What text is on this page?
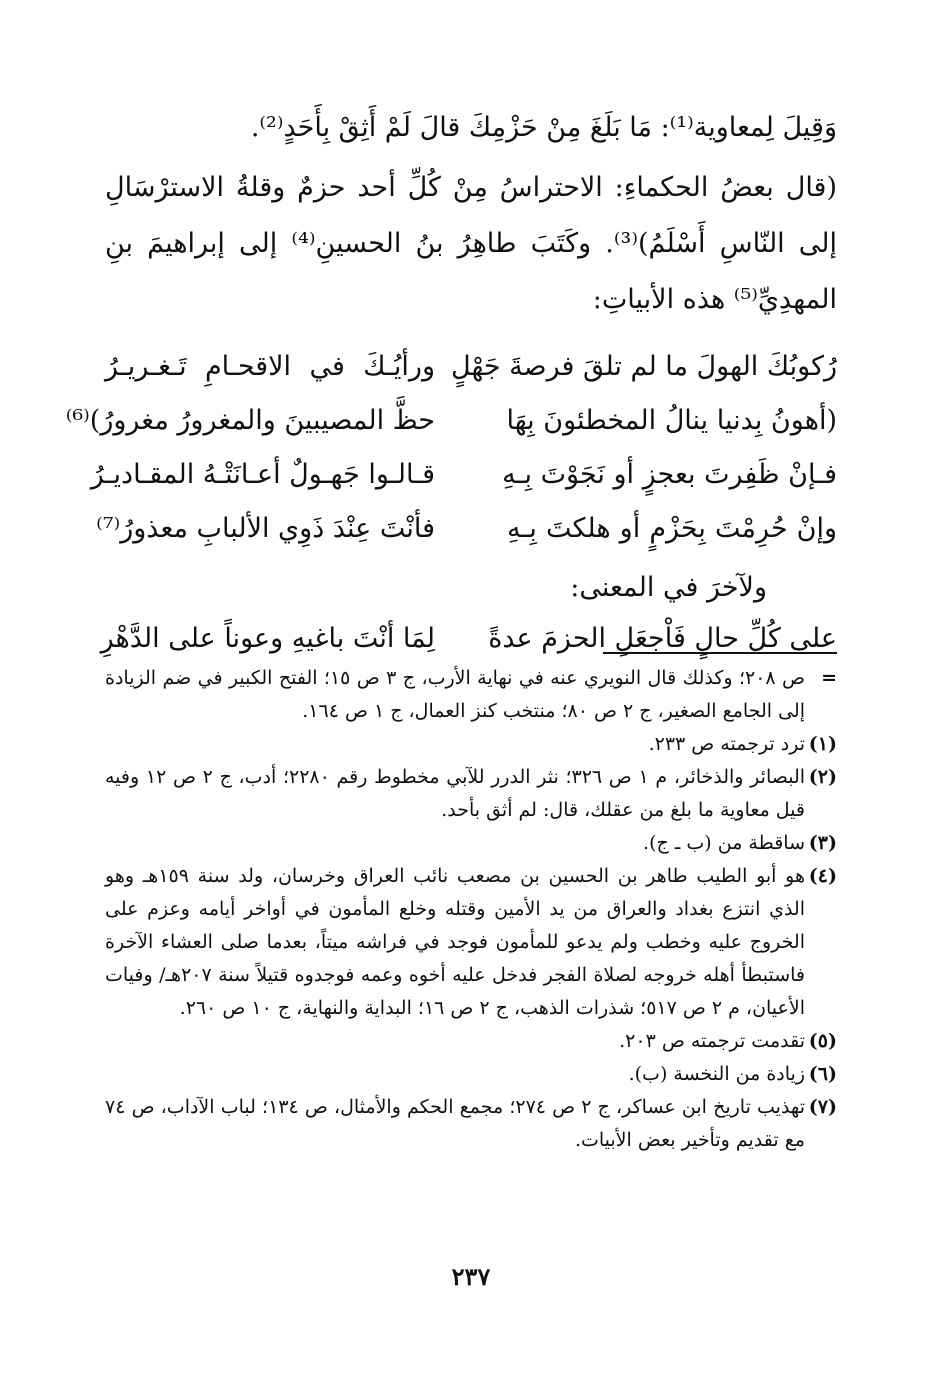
وَقِيلَ لِمعاوية⁽¹⁾: مَا بَلَغَ مِنْ حَزْمِكَ قالَ لَمْ أَثِقْ بِأَحَدٍ⁽²⁾.

(قال بعضُ الحكماءِ: الاحتراسُ مِنْ كُلِّ أحد حزمٌ وقلةُ الاسترْسَالِ إلى النّاسِ أَسْلَمُ)⁽³⁾. وكَتَبَ طاهِرُ بنُ الحسينِ⁽⁴⁾ إلى إبراهيمَ بنِ المهدِيِّ⁽⁵⁾ هذه الأبياتِ:

رُكوبُكَ الهولَ ما لم تلقَ فرصةَ جَهْلٍ
ورأيُـكَ في الاقحـامِ تَـغـريـرُ
(أهونُ بِدنيا ينالُ المخطئونَ بِهَا
حظَّ المصيبينَ والمغرورُ مغرورُ)⁽⁶⁾
فـإنْ ظَفِرتَ بعجزٍ أو نَجَوْتَ بِـهِ
قـالـوا جَهـولٌ أعـانَتْـهُ المقـاديـرُ
وإنْ حُرِمْتَ بِحَزْمٍ أو هلكتَ بِـهِ
فأنْتَ عِنْدَ ذَوِي الألبابِ معذورُ⁽⁷⁾
ولآخرَ في المعنى:
على كُلِّ حالٍ فَاْجعَلِ الحزمَ عدةً
لِمَا أنْتَ باغيهِ وعوناً على الدَّهْرِ
=
ص ٢٠٨؛ وكذلك قال النويري عنه في نهاية الأرب، ج ٣ ص ١٥؛ الفتح الكبير في ضم الزيادة إلى الجامع الصغير، ج ٢ ص ٨٠؛ منتخب كنز العمال، ج ١ ص ١٦٤.
(١)
ترد ترجمته ص ٢٣٣.
(٢)
البصائر والذخائر، م ١ ص ٣٢٦؛ نثر الدرر للآبي مخطوط رقم ٢٢٨٠؛ أدب، ج ٢ ص ١٢ وفيه قيل معاوية ما بلغ من عقلك، قال: لم أثق بأحد.
(٣)
ساقطة من (ب ـ ج).
(٤)
هو أبو الطيب طاهر بن الحسين بن مصعب نائب العراق وخرسان، ولد سنة ١٥٩هـ وهو الذي انتزع بغداد والعراق من يد الأمين وقتله وخلع المأمون في أواخر أيامه وعزم على الخروج عليه وخطب ولم يدعو للمأمون فوجد في فراشه ميتاً، بعدما صلى العشاء الآخرة فاستبطأ أهله خروجه لصلاة الفجر فدخل عليه أخوه وعمه فوجدوه قتيلاً سنة ٢٠٧هـ/ وفيات الأعيان، م ٢ ص ٥١٧؛ شذرات الذهب، ج ٢ ص ١٦؛ البداية والنهاية، ج ١٠ ص ٢٦٠.
(٥)
تقدمت ترجمته ص ٢٠٣.
(٦)
زيادة من النخسة (ب).
(٧)
تهذيب تاريخ ابن عساكر، ج ٢ ص ٢٧٤؛ مجمع الحكم والأمثال، ص ١٣٤؛ لباب الآداب، ص ٧٤ مع تقديم وتأخير بعض الأبيات.
٢٣٧
